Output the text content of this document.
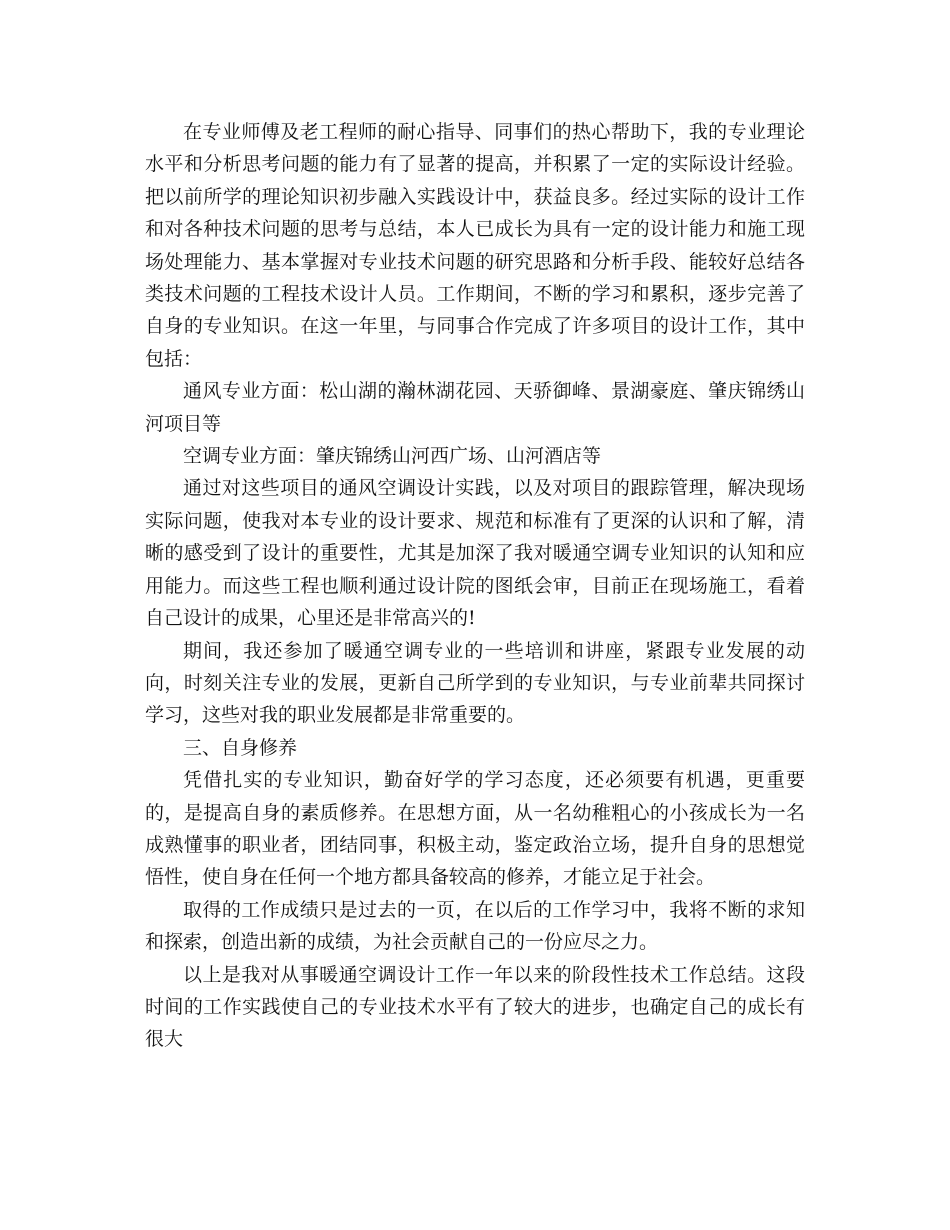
在专业师傅及老工程师的耐心指导、同事们的热心帮助下，我的专业理论水平和分析思考问题的能力有了显著的提高，并积累了一定的实际设计经验。把以前所学的理论知识初步融入实践设计中，获益良多。经过实际的设计工作和对各种技术问题的思考与总结，本人已成长为具有一定的设计能力和施工现场处理能力、基本掌握对专业技术问题的研究思路和分析手段、能较好总结各类技术问题的工程技术设计人员。工作期间，不断的学习和累积，逐步完善了自身的专业知识。在这一年里，与同事合作完成了许多项目的设计工作，其中包括：

通风专业方面：松山湖的瀚林湖花园、天骄御峰、景湖豪庭、肇庆锦绣山河项目等

空调专业方面：肇庆锦绣山河西广场、山河酒店等

通过对这些项目的通风空调设计实践，以及对项目的跟踪管理，解决现场实际问题，使我对本专业的设计要求、规范和标准有了更深的认识和了解，清晰的感受到了设计的重要性，尤其是加深了我对暖通空调专业知识的认知和应用能力。而这些工程也顺利通过设计院的图纸会审，目前正在现场施工，看着自己设计的成果，心里还是非常高兴的!

期间，我还参加了暖通空调专业的一些培训和讲座，紧跟专业发展的动向，时刻关注专业的发展，更新自己所学到的专业知识，与专业前辈共同探讨学习，这些对我的职业发展都是非常重要的。

三、自身修养

凭借扎实的专业知识，勤奋好学的学习态度，还必须要有机遇，更重要的，是提高自身的素质修养。在思想方面，从一名幼稚粗心的小孩成长为一名成熟懂事的职业者，团结同事，积极主动，鉴定政治立场，提升自身的思想觉悟性，使自身在任何一个地方都具备较高的修养，才能立足于社会。

取得的工作成绩只是过去的一页，在以后的工作学习中，我将不断的求知和探索，创造出新的成绩，为社会贡献自己的一份应尽之力。

以上是我对从事暖通空调设计工作一年以来的阶段性技术工作总结。这段时间的工作实践使自己的专业技术水平有了较大的进步，也确定自己的成长有很大
